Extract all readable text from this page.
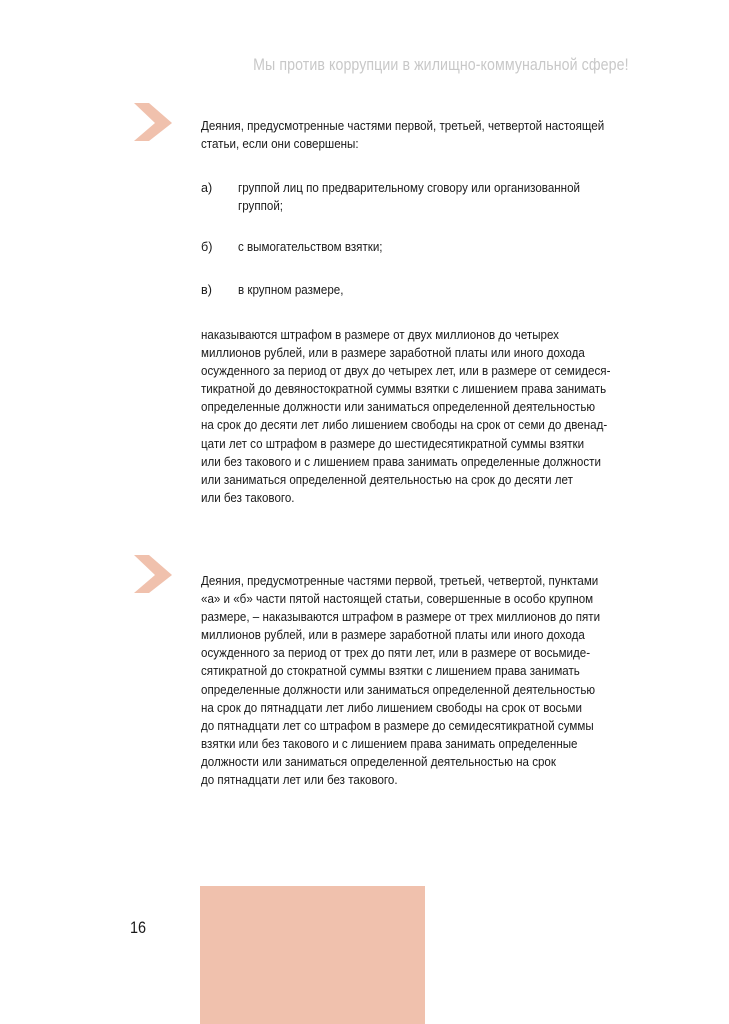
Мы против коррупции в жилищно-коммунальной сфере!
Деяния, предусмотренные частями первой, третьей, четвертой настоящей
статьи, если они совершены:
а) группой лиц по предварительному сговору или организованной
группой;
б) с вымогательством взятки;
в) в крупном размере,
наказываются штрафом в размере от двух миллионов до четырех
миллионов рублей, или в размере заработной платы или иного дохода
осужденного за период от двух до четырех лет, или в размере от семидеся-
тикратной до девяностократной суммы взятки с лишением права занимать
определенные должности или заниматься определенной деятельностью
на срок до десяти лет либо лишением свободы на срок от семи до двенад-
цати лет со штрафом в размере до шестидесятикратной суммы взятки
или без такового и с лишением права занимать определенные должности
или заниматься определенной деятельностью на срок до десяти лет
или без такового.
Деяния, предусмотренные частями первой, третьей, четвертой, пунктами
«а» и «б» части пятой настоящей статьи, совершенные в особо крупном
размере, – наказываются штрафом в размере от трех миллионов до пяти
миллионов рублей, или в размере заработной платы или иного дохода
осужденного за период от трех до пяти лет, или в размере от восьмиде-
сятикратной до стократной суммы взятки с лишением права занимать
определенные должности или заниматься определенной деятельностью
на срок до пятнадцати лет либо лишением свободы на срок от восьми
до пятнадцати лет со штрафом в размере до семидесятикратной суммы
взятки или без такового и с лишением права занимать определенные
должности или заниматься определенной деятельностью на срок
до пятнадцати лет или без такового.
16
